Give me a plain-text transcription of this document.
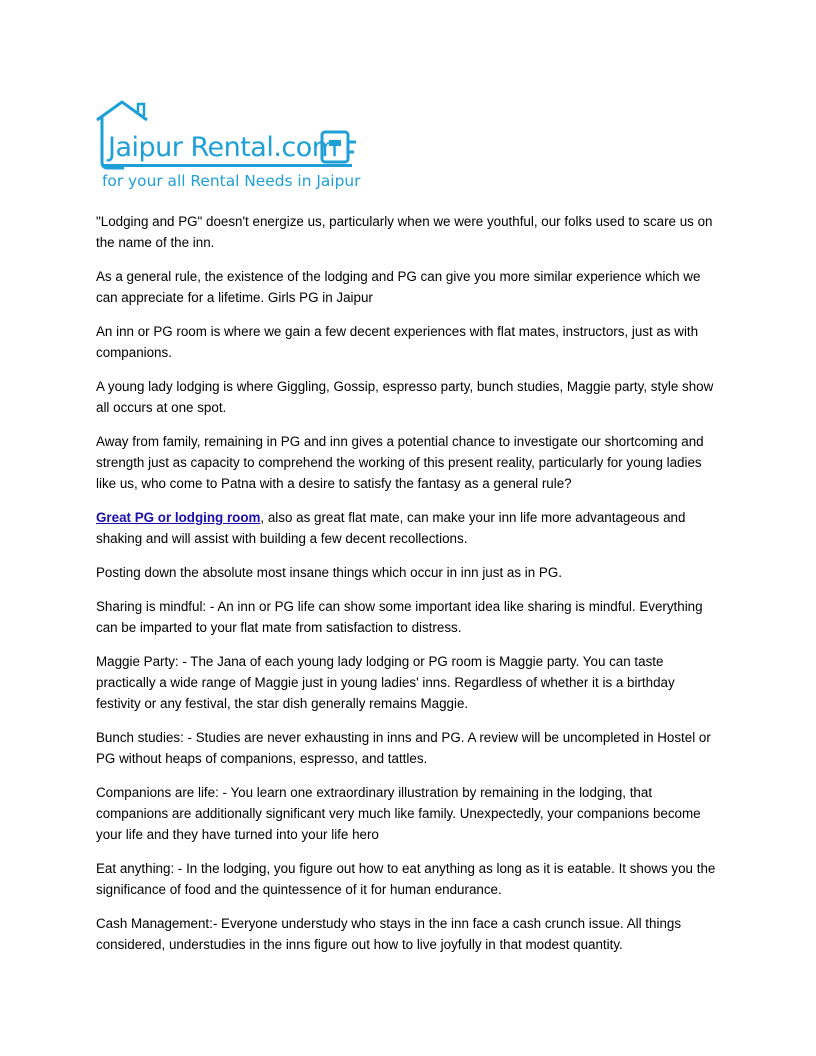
Jaipur Rental.com
for your all Rental Needs in Jaipur

"Lodging and PG" doesn't energize us, particularly when we were youthful, our folks used to scare us on the name of the inn.

As a general rule, the existence of the lodging and PG can give you more similar experience which we can appreciate for a lifetime. Girls PG in Jaipur

An inn or PG room is where we gain a few decent experiences with flat mates, instructors, just as with companions.

A young lady lodging is where Giggling, Gossip, espresso party, bunch studies, Maggie party, style show all occurs at one spot.

Away from family, remaining in PG and inn gives a potential chance to investigate our shortcoming and strength just as capacity to comprehend the working of this present reality, particularly for young ladies like us, who come to Patna with a desire to satisfy the fantasy as a general rule?

Great PG or lodging room, also as great flat mate, can make your inn life more advantageous and shaking and will assist with building a few decent recollections.

Posting down the absolute most insane things which occur in inn just as in PG.

Sharing is mindful: - An inn or PG life can show some important idea like sharing is mindful. Everything can be imparted to your flat mate from satisfaction to distress.

Maggie Party: - The Jana of each young lady lodging or PG room is Maggie party. You can taste practically a wide range of Maggie just in young ladies' inns. Regardless of whether it is a birthday festivity or any festival, the star dish generally remains Maggie.

Bunch studies: - Studies are never exhausting in inns and PG. A review will be uncompleted in Hostel or PG without heaps of companions, espresso, and tattles.

Companions are life: - You learn one extraordinary illustration by remaining in the lodging, that companions are additionally significant very much like family. Unexpectedly, your companions become your life and they have turned into your life hero

Eat anything: - In the lodging, you figure out how to eat anything as long as it is eatable. It shows you the significance of food and the quintessence of it for human endurance.

Cash Management:- Everyone understudy who stays in the inn face a cash crunch issue. All things considered, understudies in the inns figure out how to live joyfully in that modest quantity.
